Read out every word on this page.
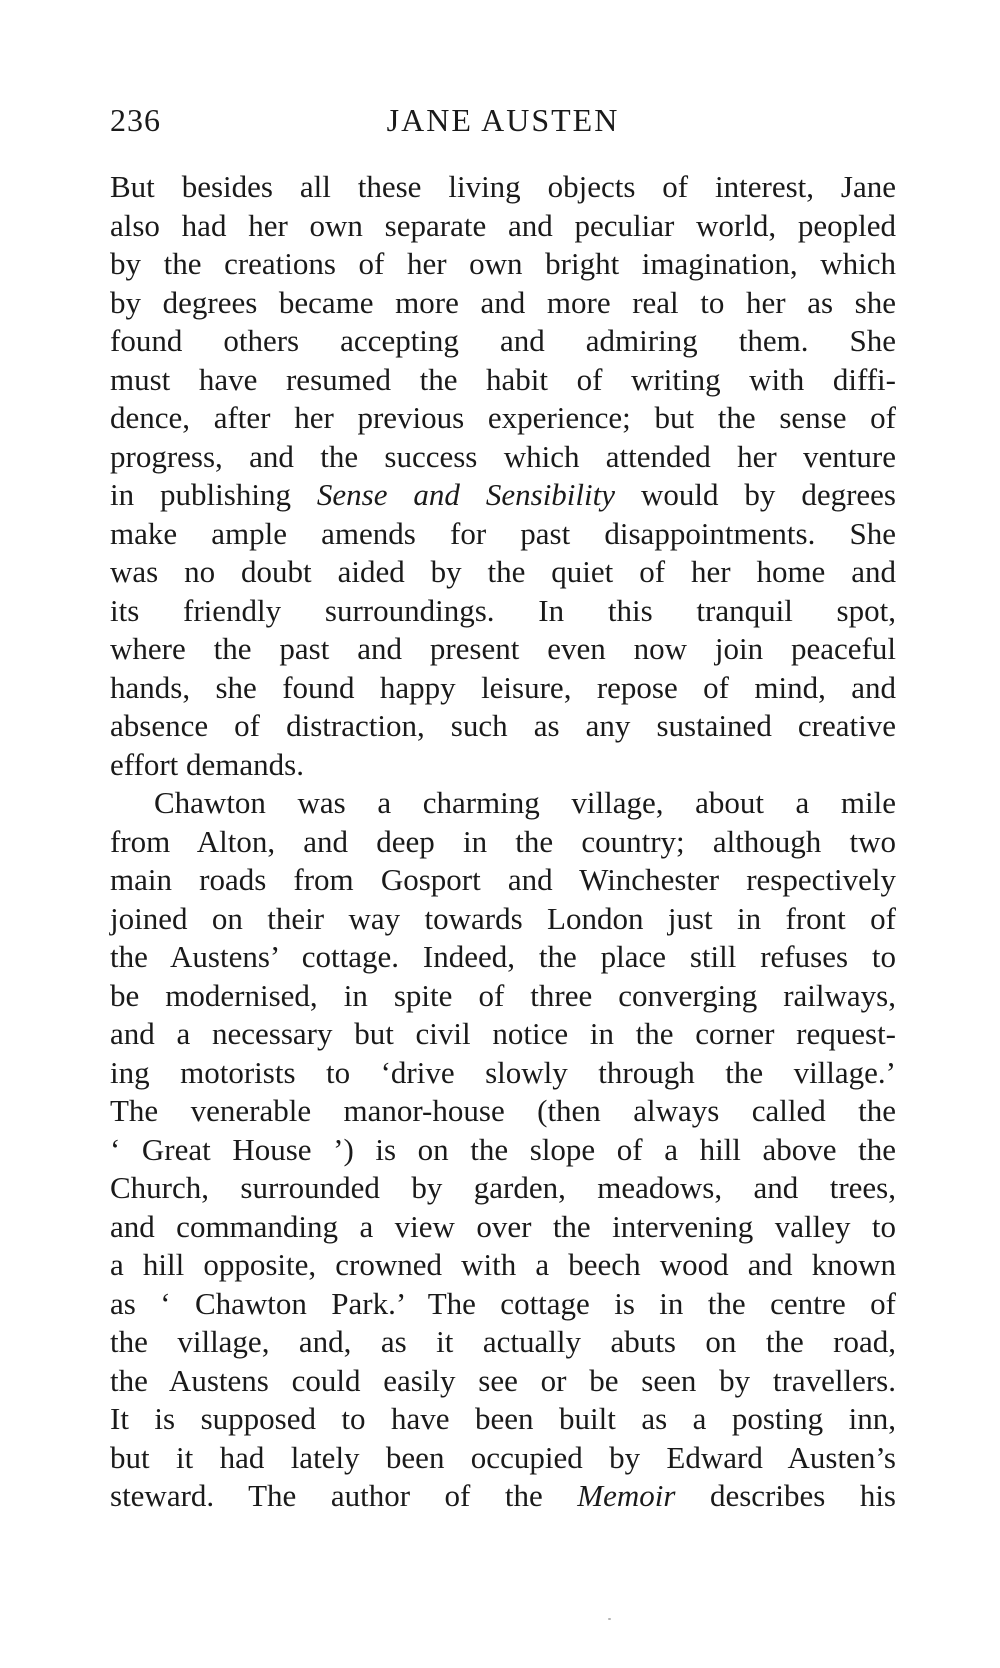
236	JANE AUSTEN

But besides all these living objects of interest, Jane
also had her own separate and peculiar world, peopled
by the creations of her own bright imagination, which
by degrees became more and more real to her as she
found others accepting and admiring them. She
must have resumed the habit of writing with diffi-
dence, after her previous experience; but the sense of
progress, and the success which attended her venture
in publishing Sense and Sensibility would by degrees
make ample amends for past disappointments. She
was no doubt aided by the quiet of her home and
its friendly surroundings. In this tranquil spot,
where the past and present even now join peaceful
hands, she found happy leisure, repose of mind, and
absence of distraction, such as any sustained creative
effort demands.

Chawton was a charming village, about a mile
from Alton, and deep in the country; although two
main roads from Gosport and Winchester respectively
joined on their way towards London just in front of
the Austens’ cottage. Indeed, the place still refuses to
be modernised, in spite of three converging railways,
and a necessary but civil notice in the corner request-
ing motorists to ‘drive slowly through the village.’
The venerable manor-house (then always called the
‘ Great House ’) is on the slope of a hill above the
Church, surrounded by garden, meadows, and trees,
and commanding a view over the intervening valley to
a hill opposite, crowned with a beech wood and known
as ‘ Chawton Park.’ The cottage is in the centre of
the village, and, as it actually abuts on the road,
the Austens could easily see or be seen by travellers.
It is supposed to have been built as a posting inn,
but it had lately been occupied by Edward Austen’s
steward. The author of the Memoir describes his
